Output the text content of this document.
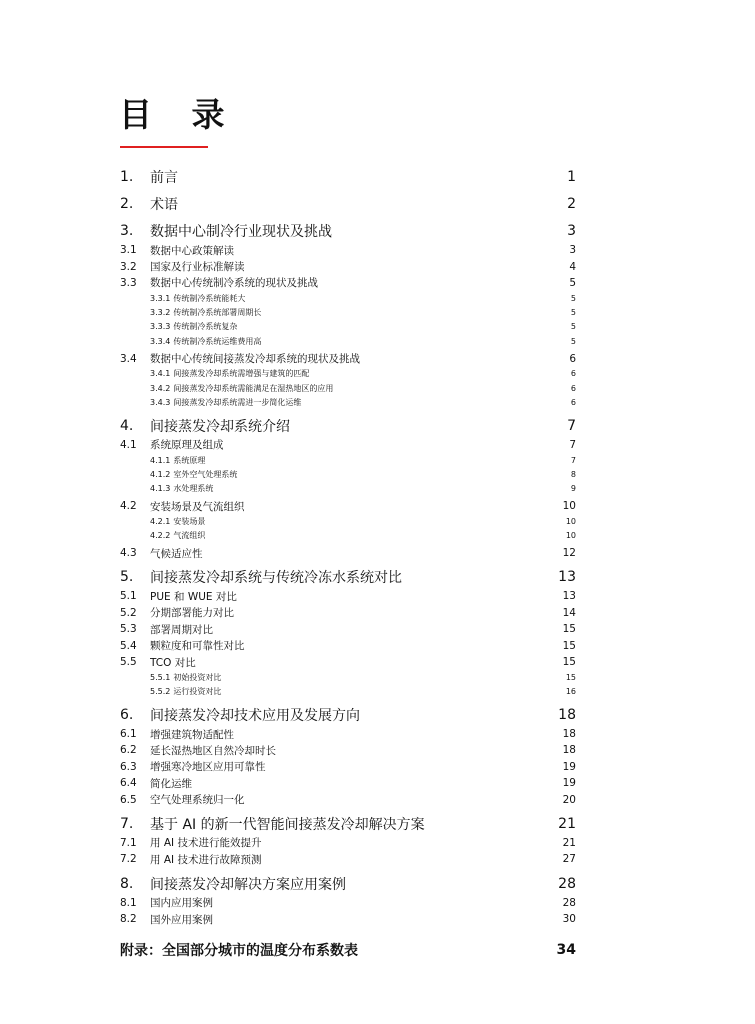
目 录
1.	前言	1
2.	术语	2
3.	数据中心制冷行业现状及挑战	3
3.1	数据中心政策解读	3
3.2	国家及行业标准解读	4
3.3	数据中心传统制冷系统的现状及挑战	5
3.3.1 传统制冷系统能耗大	5
3.3.2 传统制冷系统部署周期长	5
3.3.3 传统制冷系统复杂	5
3.3.4 传统制冷系统运维费用高	5
3.4	数据中心传统间接蒸发冷却系统的现状及挑战	6
3.4.1 间接蒸发冷却系统需增强与建筑的匹配	6
3.4.2 间接蒸发冷却系统需能满足在湿热地区的应用	6
3.4.3 间接蒸发冷却系统需进一步简化运维	6
4.	间接蒸发冷却系统介绍	7
4.1	系统原理及组成	7
4.1.1 系统原理	7
4.1.2 室外空气处理系统	8
4.1.3 水处理系统	9
4.2	安装场景及气流组织	10
4.2.1 安装场景	10
4.2.2 气流组织	10
4.3	气候适应性	12
5.	间接蒸发冷却系统与传统冷冻水系统对比	13
5.1	PUE 和 WUE 对比	13
5.2	分期部署能力对比	14
5.3	部署周期对比	15
5.4	颗粒度和可靠性对比	15
5.5	TCO 对比	15
5.5.1 初始投资对比	15
5.5.2 运行投资对比	16
6.	间接蒸发冷却技术应用及发展方向	18
6.1	增强建筑物适配性	18
6.2	延长湿热地区自然冷却时长	18
6.3	增强寒冷地区应用可靠性	19
6.4	简化运维	19
6.5	空气处理系统归一化	20
7.	基于 AI 的新一代智能间接蒸发冷却解决方案	21
7.1	用 AI 技术进行能效提升	21
7.2	用 AI 技术进行故障预测	27
8.	间接蒸发冷却解决方案应用案例	28
8.1	国内应用案例	28
8.2	国外应用案例	30
附录：全国部分城市的温度分布系数表	34
